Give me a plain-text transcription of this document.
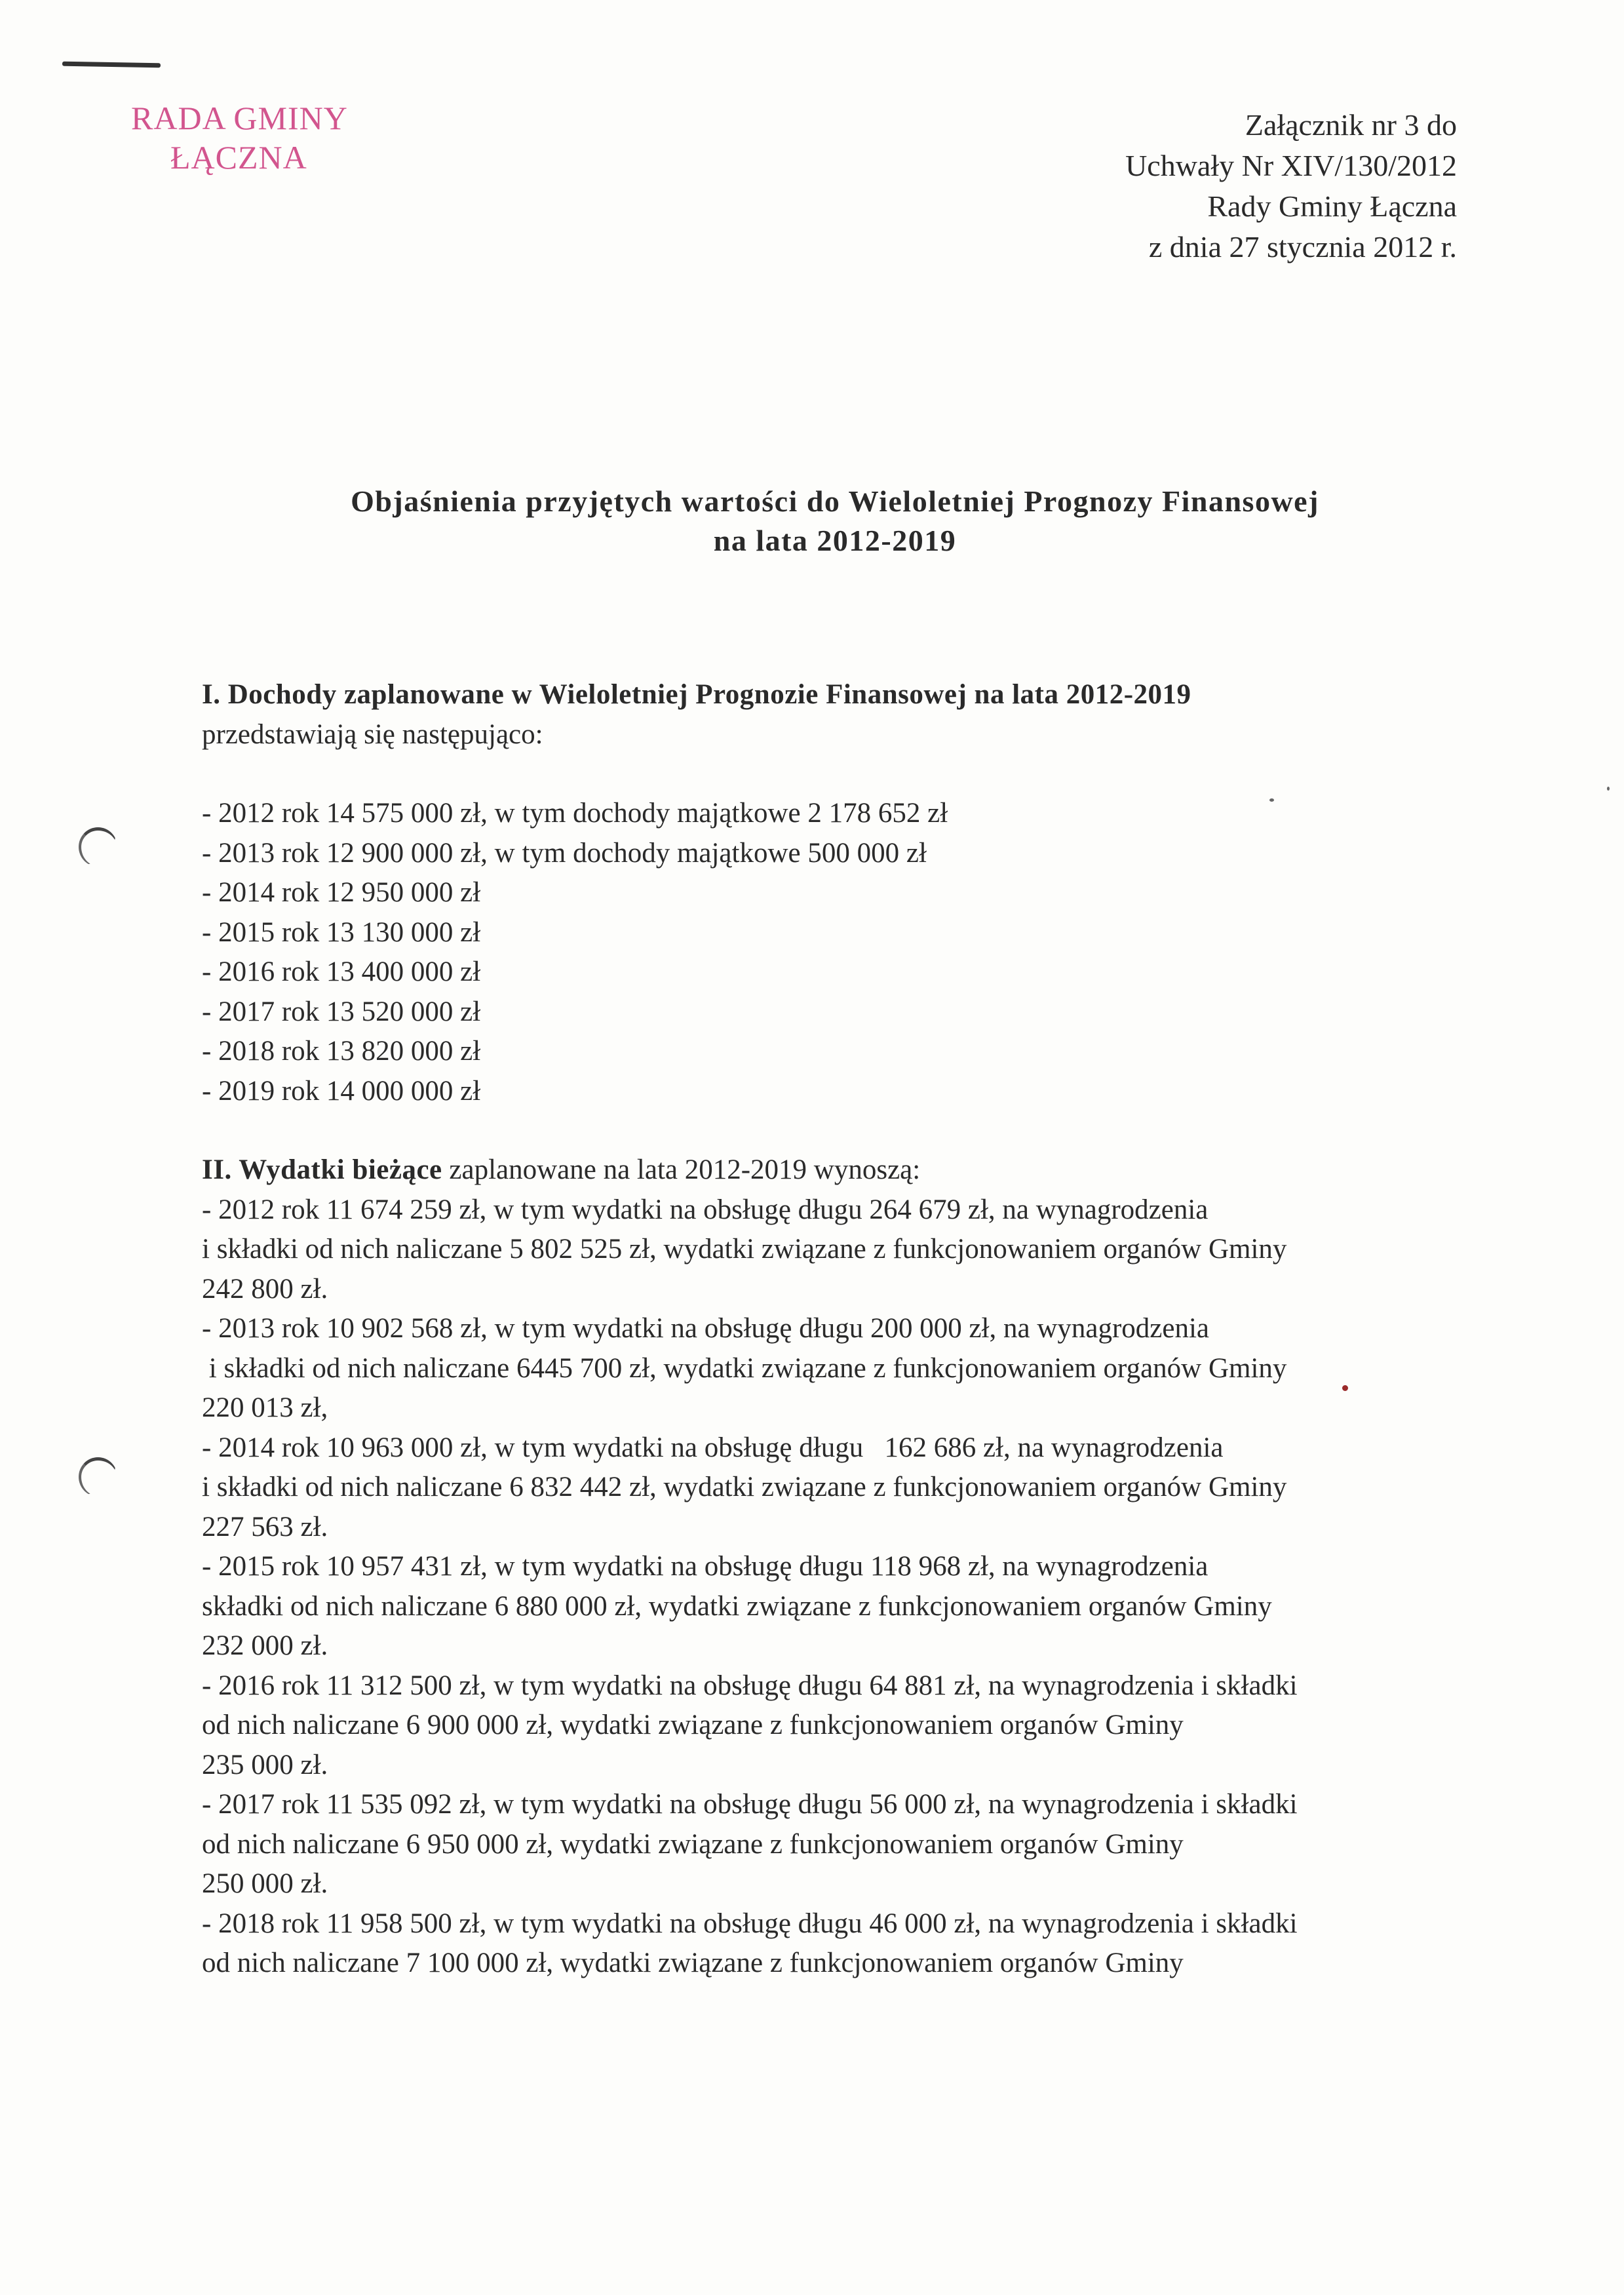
RADA GMINY
ŁĄCZNA
Załącznik nr 3 do
Uchwały Nr XIV/130/2012
Rady Gminy Łączna
z dnia 27 stycznia 2012 r.
Objaśnienia przyjętych wartości do Wieloletniej Prognozy Finansowej
na lata 2012-2019
I. Dochody zaplanowane w Wieloletniej Prognozie Finansowej na lata 2012-2019
przedstawiają się następująco:
- 2012 rok 14 575 000 zł, w tym dochody majątkowe 2 178 652 zł
- 2013 rok 12 900 000 zł, w tym dochody majątkowe 500 000 zł
- 2014 rok 12 950 000 zł
- 2015 rok 13 130 000 zł
- 2016 rok 13 400 000 zł
- 2017 rok 13 520 000 zł
- 2018 rok 13 820 000 zł
- 2019 rok 14 000 000 zł
II. Wydatki bieżące zaplanowane na lata 2012-2019 wynoszą:
- 2012 rok 11 674 259 zł, w tym wydatki na obsługę długu 264 679 zł, na wynagrodzenia
i składki od nich naliczane 5 802 525 zł, wydatki związane z funkcjonowaniem organów Gminy
242 800 zł.
- 2013 rok 10 902 568 zł, w tym wydatki na obsługę długu 200 000 zł, na wynagrodzenia
i składki od nich naliczane 6445 700 zł, wydatki związane z funkcjonowaniem organów Gminy
220 013 zł,
- 2014 rok 10 963 000 zł, w tym wydatki na obsługę długu   162 686 zł, na wynagrodzenia
i składki od nich naliczane 6 832 442 zł, wydatki związane z funkcjonowaniem organów Gminy
227 563 zł.
- 2015 rok 10 957 431 zł, w tym wydatki na obsługę długu 118 968 zł, na wynagrodzenia
składki od nich naliczane 6 880 000 zł, wydatki związane z funkcjonowaniem organów Gminy
232 000 zł.
- 2016 rok 11 312 500 zł, w tym wydatki na obsługę długu 64 881 zł, na wynagrodzenia i składki
od nich naliczane 6 900 000 zł, wydatki związane z funkcjonowaniem organów Gminy
235 000 zł.
- 2017 rok 11 535 092 zł, w tym wydatki na obsługę długu 56 000 zł, na wynagrodzenia i składki
od nich naliczane 6 950 000 zł, wydatki związane z funkcjonowaniem organów Gminy
250 000 zł.
- 2018 rok 11 958 500 zł, w tym wydatki na obsługę długu 46 000 zł, na wynagrodzenia i składki
od nich naliczane 7 100 000 zł, wydatki związane z funkcjonowaniem organów Gminy
